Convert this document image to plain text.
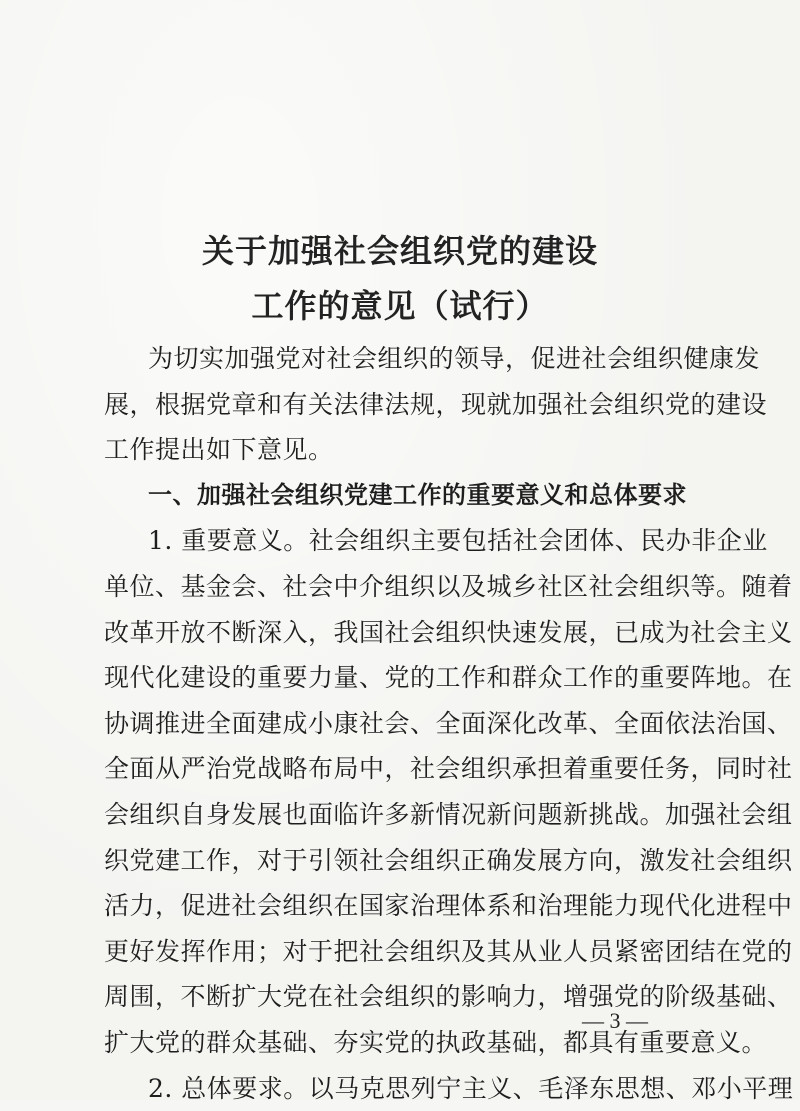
关于加强社会组织党的建设
工作的意见（试行）
为切实加强党对社会组织的领导，促进社会组织健康发
展，根据党章和有关法律法规，现就加强社会组织党的建设
工作提出如下意见。
一、加强社会组织党建工作的重要意义和总体要求
1. 重要意义。社会组织主要包括社会团体、民办非企业
单位、基金会、社会中介组织以及城乡社区社会组织等。随着
改革开放不断深入，我国社会组织快速发展，已成为社会主义
现代化建设的重要力量、党的工作和群众工作的重要阵地。在
协调推进全面建成小康社会、全面深化改革、全面依法治国、
全面从严治党战略布局中，社会组织承担着重要任务，同时社
会组织自身发展也面临许多新情况新问题新挑战。加强社会组
织党建工作，对于引领社会组织正确发展方向，激发社会组织
活力，促进社会组织在国家治理体系和治理能力现代化进程中
更好发挥作用；对于把社会组织及其从业人员紧密团结在党的
周围，不断扩大党在社会组织的影响力，增强党的阶级基础、
扩大党的群众基础、夯实党的执政基础，都具有重要意义。
2. 总体要求。以马克思列宁主义、毛泽东思想、邓小平理
— 3 —
